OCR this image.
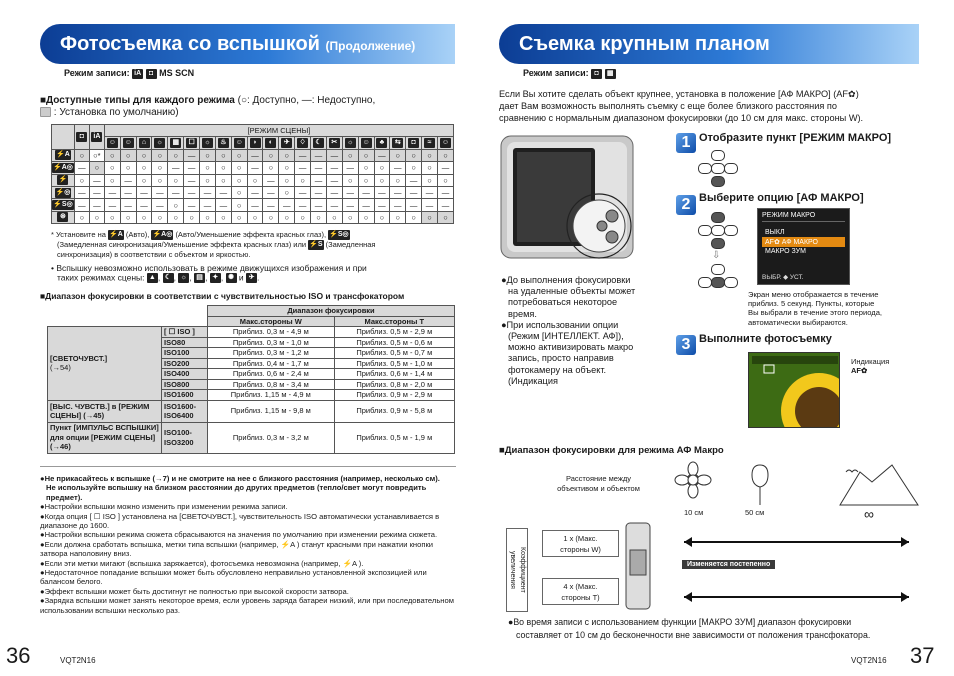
Фотосъемка со вспышкой (Продолжение)
Режим записи: iA ◘ MS SCN
■Доступные типы для каждого режима (○: Доступно, —: Недоступно,
: Установка по умолчанию)
	◘	iA	[РЕЖИМ СЦЕНЫ]																					
			☺	☺	⌂	☼	▦	☐	☼	♨	☺	◗	◐	✈	♢	☾	✂	☼	☺	♣	⇆	◘	≈	☺
⚡A	○	○*	○	○	○	○	○	—	○	○	○	—	○	○	—	—	—	○	○	—	○	○	○	○
⚡A◎	—	○	○	○	○	○	—	—	○	○	○	—	○	○	—	—	—	—	○	○	—	○	○	—
⚡	○	—	○	—	○	○	○	—	○	○	○	○	—	○	○	—	—	○	○	○	○	—	○	○
⚡◎	—	—	—	—	—	—	—	—	—	—	○	—	—	○	—	—	—	—	—	—	—	—	—	—
⚡S◎	—	—	—	—	—	—	○	—	—	—	○	—	—	—	—	—	—	—	—	—	—	—	—	—
⊛	○	○	○	○	○	○	○	○	○	○	○	○	○	○	○	○	○	○	○	○	○	○	○	○
* Установите на ⚡A (Авто), ⚡A◎ (Авто/Уменьшение эффекта красных глаз), ⚡S◎
(Замедленная синхронизация/Уменьшение эффекта красных глаз) или ⚡S (Замедленная
синхронизация) в соответствии с объектом и яркостью.
• Вспышку невозможно использовать в режиме движущихся изображения и при
таких режимах сцены: ▲ , ☾ , ☼ , ▤ , ✦ , ✺ и ✈ .
■Диапазон фокусировки в соответствии с чувствительностью ISO и трансфокатором
		Диапазон фокусировки	
		Макс.стороны W	Макс.стороны T
[СВЕТОЧУВСТ.]
(→54)	[ ☐ ISO ]	Приблиз. 0,3 м - 4,9 м	Приблиз. 0,5 м - 2,9 м
	ISO80	Приблиз. 0,3 м - 1,0 м	Приблиз. 0,5 м - 0,6 м
	ISO100	Приблиз. 0,3 м - 1,2 м	Приблиз. 0,5 м - 0,7 м
	ISO200	Приблиз. 0,4 м - 1,7 м	Приблиз. 0,5 м - 1,0 м
	ISO400	Приблиз. 0,6 м - 2,4 м	Приблиз. 0,6 м - 1,4 м
	ISO800	Приблиз. 0,8 м - 3,4 м	Приблиз. 0,8 м - 2,0 м
	ISO1600	Приблиз. 1,15 м - 4,9 м	Приблиз. 0,9 м - 2,9 м
[ВЫС. ЧУВСТВ.] в [РЕЖИМ СЦЕНЫ] (→45)	ISO1600-ISO6400	Приблиз. 1,15 м - 9,8 м	Приблиз. 0,9 м - 5,8 м
Пункт [ИМПУЛЬС ВСПЫШКИ] для опции [РЕЖИМ СЦЕНЫ] (→46)	ISO100-ISO3200	Приблиз. 0,3 м - 3,2 м	Приблиз. 0,5 м - 1,9 м

●Не прикасайтесь к вспышке (→7) и не смотрите на нее с близкого расстояния (например, несколько см).

Не используйте вспышку на близком расстоянии до других предметов (тепло/свет могут повредить предмет).

●Настройки вспышки можно изменить при изменении режима записи.

●Когда опция [ ☐ ISO ] установлена на [СВЕТОЧУВСТ.], чувствительность ISO автоматически устанавливается в диапазоне до 1600.

●Настройки вспышки режима сюжета сбрасываются на значения по умолчанию при изменении режима сюжета.

●Если должна сработать вспышка, метки типа вспышки (например, ⚡A ) станут красными при нажатии кнопки затвора наполовину вниз.

●Если эти метки мигают (вспышка заряжается), фотосъемка невозможна (например, ⚡A ).

●Недостаточное попадание вспышки может быть обусловлено неправильно установленной экспозицией или балансом белого.

●Эффект вспышки может быть достигнут не полностью при высокой скорости затвора.

●Зарядка вспышки может занять некоторое время, если уровень заряда батареи низкий, или при последовательном использовании вспышки несколько раз.

36	VQT2N16
Съемка крупным планом
Режим записи: ◘ ▦
Если Вы хотите сделать объект крупнее, установка в положение [АФ МАКРО] (AF✿)
дает Вам возможность выполнять съемку с еще более близкого расстояния по
сравнению с нормальным диапазоном фокусировки (до 10 см для макс. стороны W).
●До выполнения фокусировки
на удаленные объекты может
потребоваться некоторое
время.
●При использовании опции
(Режим [ИНТЕЛЛЕКТ. АФ]),
можно активизировать макро
запись, просто направив
фотокамеру на объект.
(Индикация
1 Отобразите пункт [РЕЖИМ МАКРО]
2 Выберите опцию [АФ МАКРО]
⇩
РЕЖИМ МАКРО
ВЫКЛ
AF✿ АФ МАКРО
МАКРО ЗУМ
ВЫБР. ◆ УСТ.
Экран меню отображается в течение
приблиз. 5 секунд. Пункты, которые
Вы выбрали в течение этого периода,
автоматически выбираются.
3 Выполните фотосъемку
Индикация
AF✿
■Диапазон фокусировки для режима АФ Макро
Расстояние между
объективом и объектом
10 см	50 см	∞
Коэффициент увеличения
1 x (Макс.
стороны W)
4 x (Макс.
стороны T)
Изменяется постепенно
●Во время записи с использованием функции [МАКРО ЗУМ] диапазон фокусировки
составляет от 10 см до бесконечности вне зависимости от положения трансфокатора.
VQT2N16 37
